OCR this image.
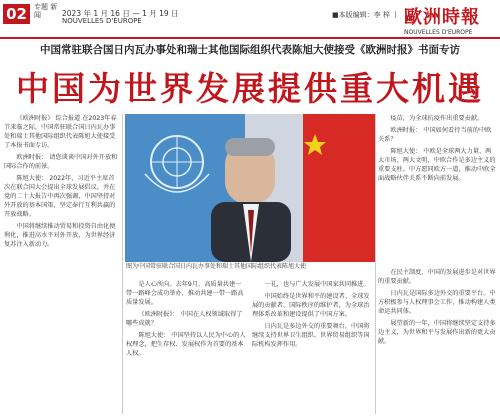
02	专题 新闻	2023 年 1 月 16 日 — 1 月 19 日
NOUVELLES D'EUROPE
■本版编辑：李 梓 丨 歐洲時報
NOUVELLES D'EUROPE
中国常驻联合国日内瓦办事处和瑞士其他国际组织代表陈旭大使接受《欧洲时报》书面专访
中国为世界发展提供重大机遇

《欧洲时报》 综合报道 在2023年春节来临之际，中国常驻联合国日内瓦办事处和瑞士其他国际组织代表陈旭大使接受了本报书面专访。

欧洲时报： 请您谈谈中国对外开放和国际合作的前景。

陈旭大使： 2022年，习近平主席首次在联合国大会提出全球发展倡议，并在党的二十大报告中再次强调，中国坚持对外开放的基本国策，坚定奉行互利共赢的开放战略。

中国将继续推动贸易和投资自由化便利化，推进高水平对外开放，为世界经济复苏注入新动力。

是人心所向。去年9月，高质量共建一带一路峰会成功举办，推动共建一带一路高质量发展。

《欧洲时报》： 中国在人权领域取得了哪些成就？

陈旭大使： 中国坚持以人民为中心的人权理念，把生存权、发展权作为首要的基本人权。

一礼，也与广大发展中国家共同推进。

中国始终是世界和平的建设者、全球发展的贡献者、国际秩序的维护者，为全球治理体系改革和建设提供了中国方案。

日内瓦是多边外交的重要舞台，中国将继续支持世界卫生组织、世界贸易组织等国际机构发挥作用。

疫苗，为全球抗疫作出重要贡献。

欧洲时报： 中国如何看待当前的中欧关系？

陈旭大使： 中欧是全球两大力量、两大市场、两大文明，中欧合作是多边主义的重要支柱。中方愿同欧方一道，推动中欧全面战略伙伴关系不断向前发展。

在民主制度、中国的发展进步是对世界的重要贡献。

日内瓦是国际多边外交的重要平台。中方积极参与人权理事会工作，推动构建人类命运共同体。

展望新的一年，中国将继续坚定支持多边主义，为世界和平与发展作出新的更大贡献。

图为中国常驻联合国日内瓦办事处和瑞士其他国际组织代表陈旭大使
